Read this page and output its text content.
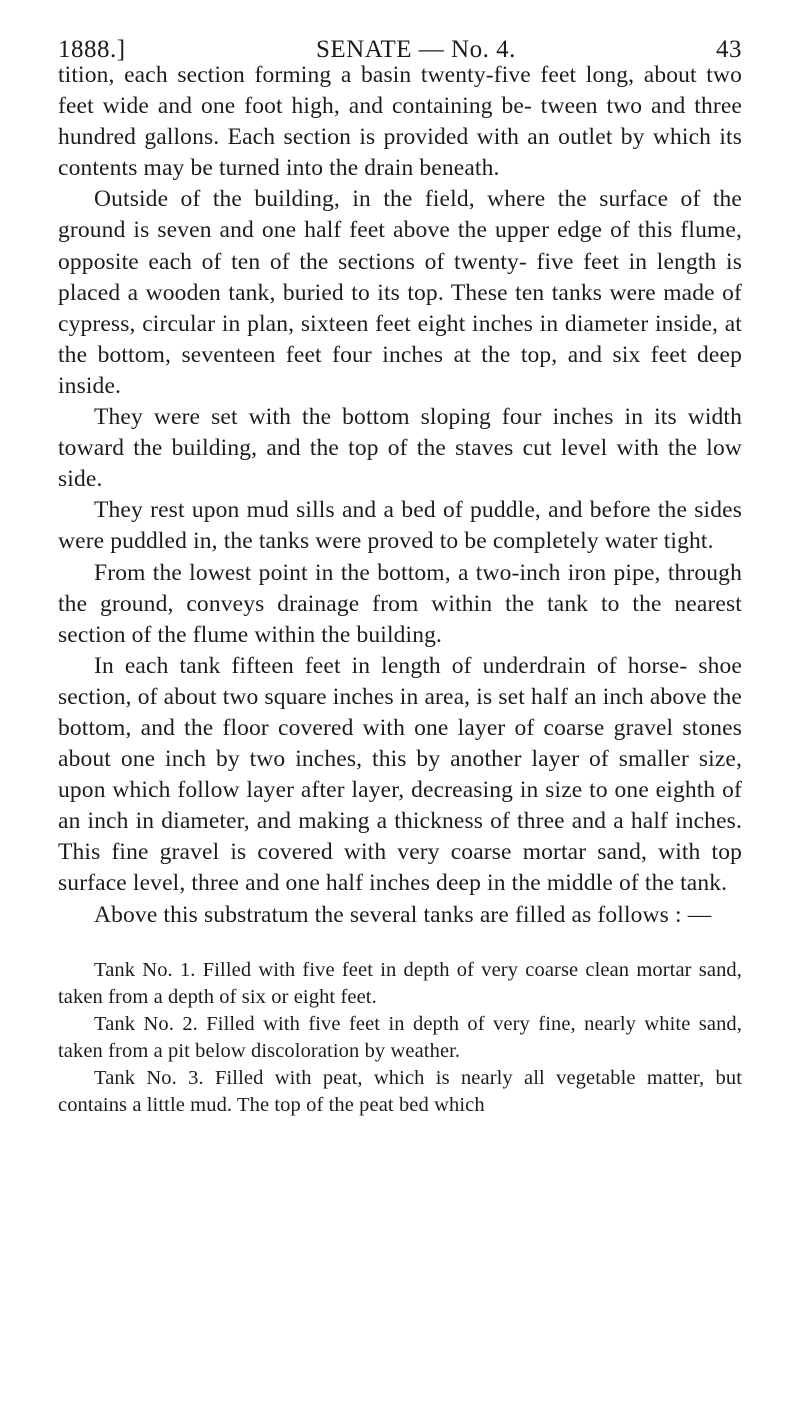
1888.]	SENATE — No. 4.	43

tition, each section forming a basin twenty-five feet long, about two feet wide and one foot high, and containing be- tween two and three hundred gallons. Each section is provided with an outlet by which its contents may be turned into the drain beneath.

Outside of the building, in the field, where the surface of the ground is seven and one half feet above the upper edge of this flume, opposite each of ten of the sections of twenty- five feet in length is placed a wooden tank, buried to its top. These ten tanks were made of cypress, circular in plan, sixteen feet eight inches in diameter inside, at the bottom, seventeen feet four inches at the top, and six feet deep inside.

They were set with the bottom sloping four inches in its width toward the building, and the top of the staves cut level with the low side.

They rest upon mud sills and a bed of puddle, and before the sides were puddled in, the tanks were proved to be completely water tight.

From the lowest point in the bottom, a two-inch iron pipe, through the ground, conveys drainage from within the tank to the nearest section of the flume within the building.

In each tank fifteen feet in length of underdrain of horse- shoe section, of about two square inches in area, is set half an inch above the bottom, and the floor covered with one layer of coarse gravel stones about one inch by two inches, this by another layer of smaller size, upon which follow layer after layer, decreasing in size to one eighth of an inch in diameter, and making a thickness of three and a half inches. This fine gravel is covered with very coarse mortar sand, with top surface level, three and one half inches deep in the middle of the tank.

Above this substratum the several tanks are filled as follows : —

Tank No. 1. Filled with five feet in depth of very coarse clean mortar sand, taken from a depth of six or eight feet.

Tank No. 2. Filled with five feet in depth of very fine, nearly white sand, taken from a pit below discoloration by weather.

Tank No. 3. Filled with peat, which is nearly all vegetable matter, but contains a little mud. The top of the peat bed which
